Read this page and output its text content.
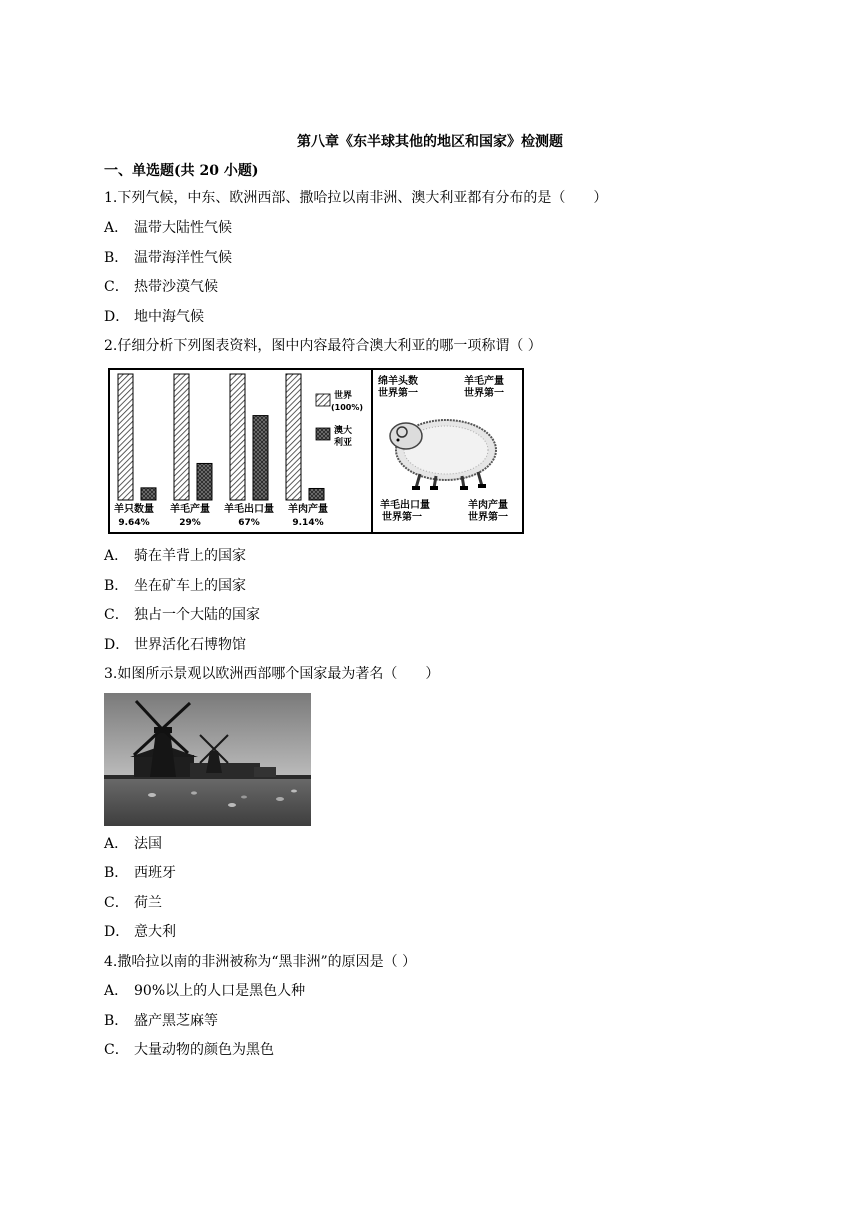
第八章《东半球其他的地区和国家》检测题
一、单选题(共 20 小题)
1.下列气候，中东、欧洲西部、撒哈拉以南非洲、澳大利亚都有分布的是（　　）
A． 温带大陆性气候
B． 温带海洋性气候
C． 热带沙漠气候
D． 地中海气候
2.仔细分析下列图表资料，图中内容最符合澳大利亚的哪一项称谓（ ）
羊只数量
9.64%
羊毛产量
29%
羊毛出口量
67%
羊肉产量
9.14%
世界
(100%)
澳大
利亚
绵羊头数
世界第一
羊毛产量
世界第一
羊毛出口量
世界第一
羊肉产量
世界第一
A． 骑在羊背上的国家
B． 坐在矿车上的国家
C． 独占一个大陆的国家
D． 世界活化石博物馆
3.如图所示景观以欧洲西部哪个国家最为著名（　　）
A． 法国
B． 西班牙
C． 荷兰
D． 意大利
4.撒哈拉以南的非洲被称为“黑非洲”的原因是（ ）
A． 90%以上的人口是黑色人种
B． 盛产黑芝麻等
C． 大量动物的颜色为黑色
